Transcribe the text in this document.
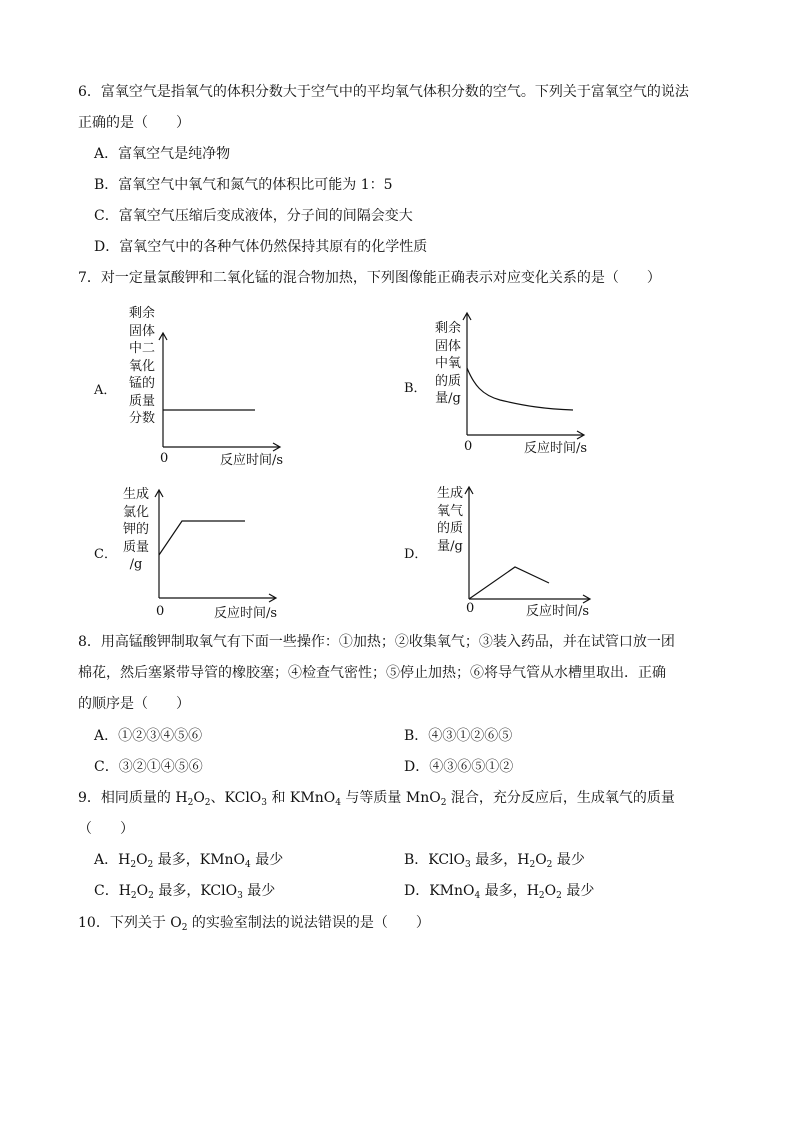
6．富氧空气是指氧气的体积分数大于空气中的平均氧气体积分数的空气。下列关于富氧空气的说法
正确的是（　　）
A．富氧空气是纯净物
B．富氧空气中氧气和氮气的体积比可能为 1：5
C．富氧空气压缩后变成液体，分子间的间隔会变大
D．富氧空气中的各种气体仍然保持其原有的化学性质
7．对一定量氯酸钾和二氧化锰的混合物加热，下列图像能正确表示对应变化关系的是（　　）
A．
剩余
固体
中二
氧化
锰的
质量
分数
0	反应时间/s
B．
剩余
固体
中氧
的质
量/g
0	反应时间/s
C．
生成
氯化
钾的
质量
/g
0	反应时间/s
D．
生成
氧气
的质
量/g
0	反应时间/s
8．用高锰酸钾制取氧气有下面一些操作：①加热；②收集氧气；③装入药品，并在试管口放一团
棉花，然后塞紧带导管的橡胶塞；④检查气密性；⑤停止加热；⑥将导气管从水槽里取出．正确
的顺序是（　　）
A．①②③④⑤⑥	B．④③①②⑥⑤
C．③②①④⑤⑥	D．④③⑥⑤①②
9．相同质量的 $H_2O_2$、KClO$_3$ 和 KMnO$_4$ 与等质量 MnO$_2$ 混合，充分反应后，生成氧气的质量
（　　）
A．$H_2O_2$ 最多，KMnO$_4$ 最少	B．KClO$_3$ 最多，$H_2O_2$ 最少
C．$H_2O_2$ 最多，KClO$_3$ 最少	D．KMnO$_4$ 最多，$H_2O_2$ 最少
10．下列关于 $O_2$ 的实验室制法的说法错误的是（　　）
